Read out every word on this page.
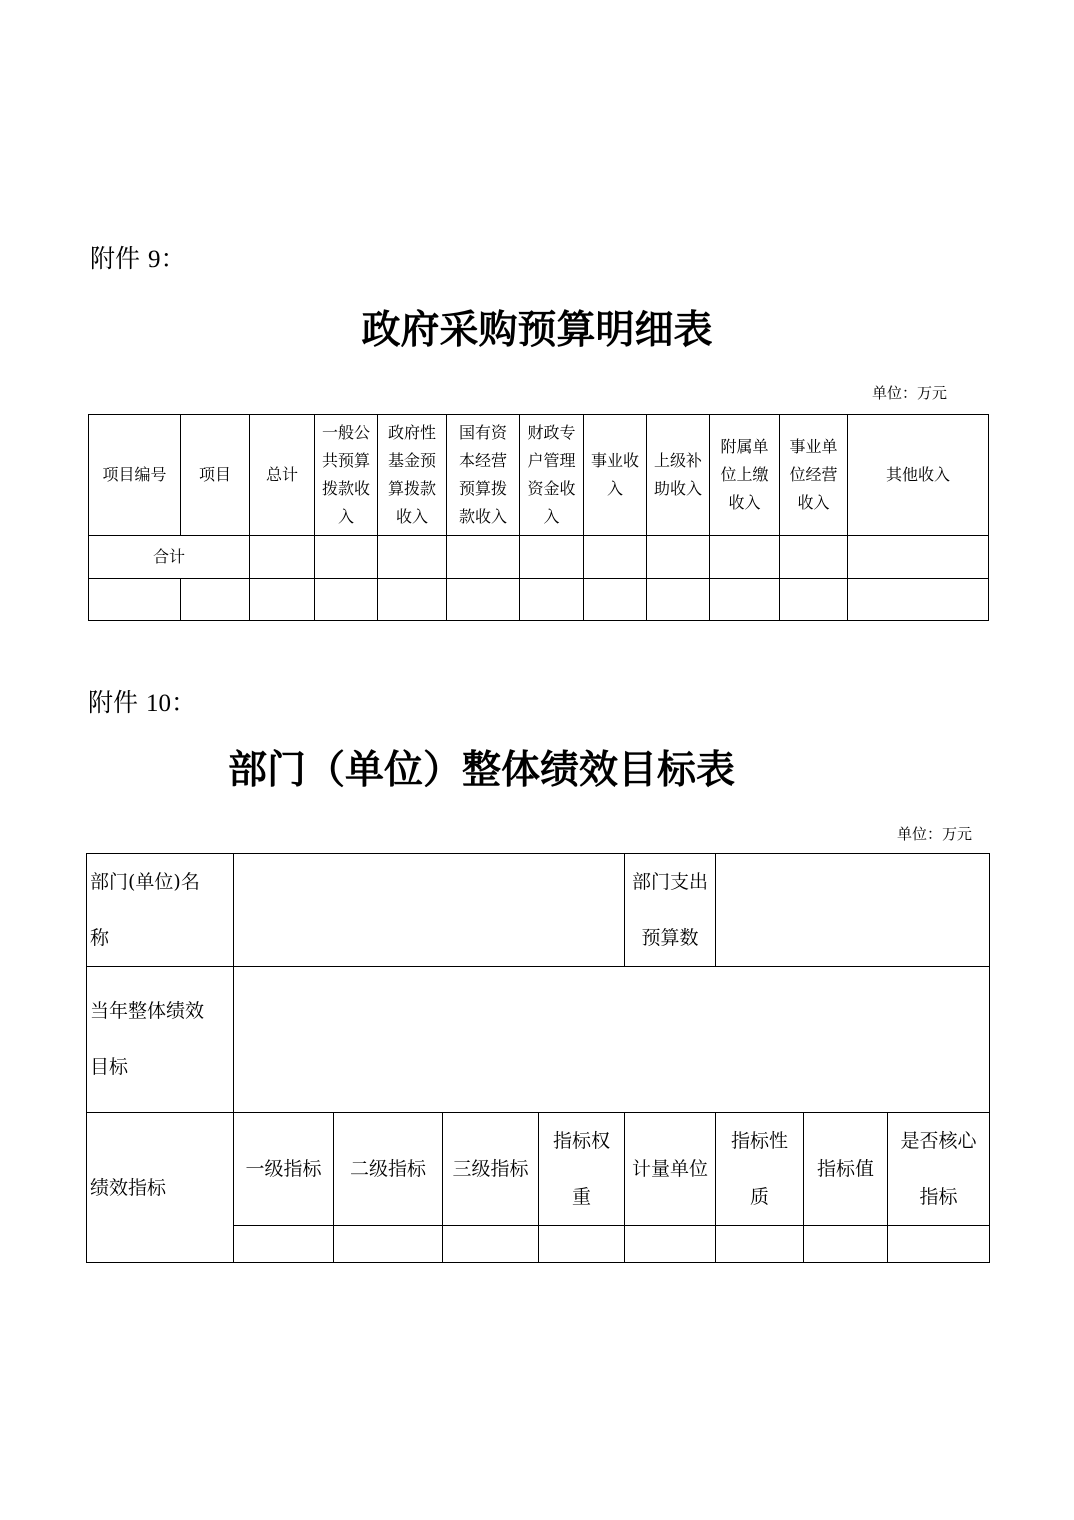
附件 9：
政府采购预算明细表
单位：万元
项目编号	项目	总计	一般公共预算拨款收入	政府性基金预算拨款收入	国有资本经营预算拨款收入	财政专户管理资金收入	事业收入	上级补助收入	附属单位上缴收入	事业单位经营收入	其他收入
合计											

附件 10：
部门（单位）整体绩效目标表
单位：万元
部门(单位)名称					部门支出预算数			
当年整体绩效目标								
绩效指标	一级指标	二级指标	三级指标	指标权重	计量单位	指标性质	指标值	是否核心指标
